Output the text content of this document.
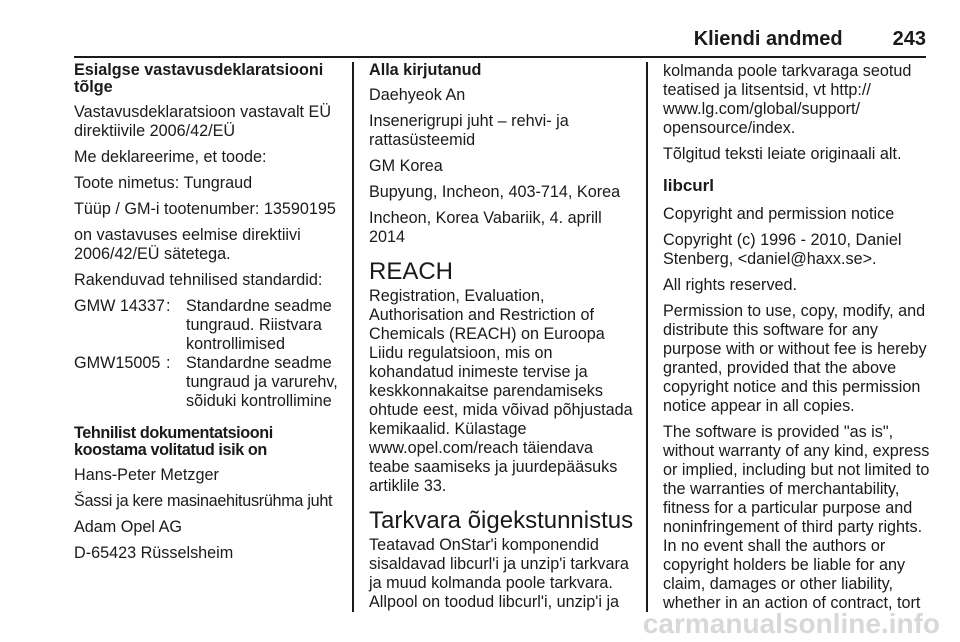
Kliendi andmed	243

Esialgse vastavusdeklaratsiooni tõlge

Vastavusdeklaratsioon vastavalt EÜ direktiivile 2006/42/EÜ

Me deklareerime, et toode:

Toote nimetus: Tungraud

Tüüp / GM-i tootenumber: 13590195

on vastavuses eelmise direktiivi 2006/42/EÜ sätetega.

Rakenduvad tehnilised standardid:

GMW 14337	:	Standardne seadme tungraud. Riistvara kontrollimised
GMW15005	:	Standardne seadme tungraud ja varurehv, sõiduki kontrollimine

Tehnilist dokumentatsiooni koostama volitatud isik on

Hans-Peter Metzger

Šassi ja kere masinaehitusrühma juht

Adam Opel AG

D-65423 Rüsselsheim

Alla kirjutanud

Daehyeok An

Insenerigrupi juht – rehvi- ja rattasüsteemid

GM Korea

Bupyung, Incheon, 403-714, Korea

Incheon, Korea Vabariik, 4. aprill 2014

REACH

Registration, Evaluation, Authorisation and Restriction of Chemicals (REACH) on Euroopa Liidu regulatsioon, mis on kohandatud inimeste tervise ja keskkonnakaitse parendamiseks ohtude eest, mida võivad põhjustada kemikaalid. Külastage www.opel.com/reach täiendava teabe saamiseks ja juurdepääsuks artiklile 33.

Tarkvara õigekstunnistus

Teatavad OnStar'i komponendid sisaldavad libcurl'i ja unzip'i tarkvara ja muud kolmanda poole tarkvara. Allpool on toodud libcurl'i, unzip'i ja

kolmanda poole tarkvaraga seotud teatised ja litsentsid, vt http:// www.lg.com/global/support/ opensource/index.

Tõlgitud teksti leiate originaali alt.

libcurl

Copyright and permission notice

Copyright (c) 1996 - 2010, Daniel Stenberg, <daniel@haxx.se>.

All rights reserved.

Permission to use, copy, modify, and distribute this software for any purpose with or without fee is hereby granted, provided that the above copyright notice and this permission notice appear in all copies.

The software is provided "as is", without warranty of any kind, express or implied, including but not limited to the warranties of merchantability, fitness for a particular purpose and noninfringement of third party rights. In no event shall the authors or copyright holders be liable for any claim, damages or other liability, whether in an action of contract, tort

carmanualsonline.info
